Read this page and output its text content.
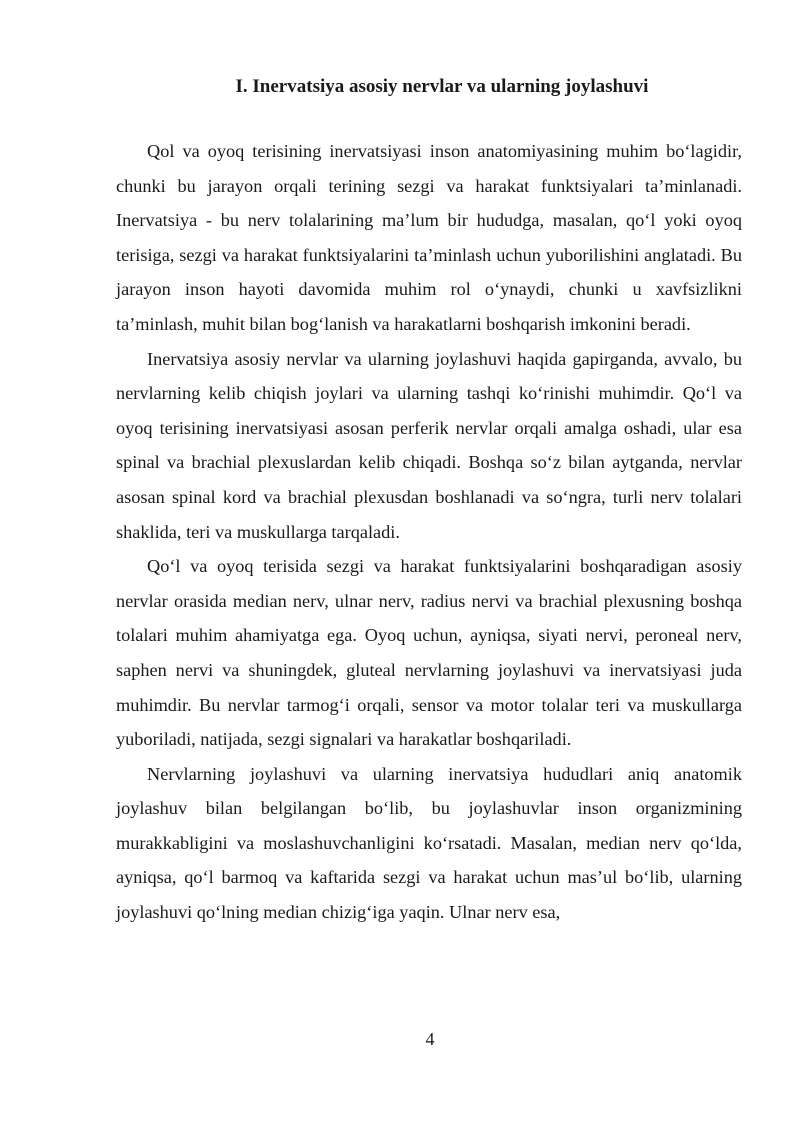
I. Inervatsiya asosiy nervlar va ularning joylashuvi

Qol va oyoq terisining inervatsiyasi inson anatomiyasining muhim bo‘lagidir, chunki bu jarayon orqali terining sezgi va harakat funktsiyalari ta’minlanadi. Inervatsiya - bu nerv tolalarining ma’lum bir hududga, masalan, qo‘l yoki oyoq terisiga, sezgi va harakat funktsiyalarini ta’minlash uchun yuborilishini anglatadi. Bu jarayon inson hayoti davomida muhim rol o‘ynaydi, chunki u xavfsizlikni ta’minlash, muhit bilan bog‘lanish va harakatlarni boshqarish imkonini beradi.

Inervatsiya asosiy nervlar va ularning joylashuvi haqida gapirganda, avvalo, bu nervlarning kelib chiqish joylari va ularning tashqi ko‘rinishi muhimdir. Qo‘l va oyoq terisining inervatsiyasi asosan perferik nervlar orqali amalga oshadi, ular esa spinal va brachial plexuslardan kelib chiqadi. Boshqa so‘z bilan aytganda, nervlar asosan spinal kord va brachial plexusdan boshlanadi va so‘ngra, turli nerv tolalari shaklida, teri va muskullarga tarqaladi.

Qo‘l va oyoq terisida sezgi va harakat funktsiyalarini boshqaradigan asosiy nervlar orasida median nerv, ulnar nerv, radius nervi va brachial plexusning boshqa tolalari muhim ahamiyatga ega. Oyoq uchun, ayniqsa, siyati nervi, peroneal nerv, saphen nervi va shuningdek, gluteal nervlarning joylashuvi va inervatsiyasi juda muhimdir. Bu nervlar tarmog‘i orqali, sensor va motor tolalar teri va muskullarga yuboriladi, natijada, sezgi signalari va harakatlar boshqariladi.

Nervlarning joylashuvi va ularning inervatsiya hududlari aniq anatomik joylashuv bilan belgilangan bo‘lib, bu joylashuvlar inson organizmining murakkabligini va moslashuvchanligini ko‘rsatadi. Masalan, median nerv qo‘lda, ayniqsa, qo‘l barmoq va kaftarida sezgi va harakat uchun mas’ul bo‘lib, ularning joylashuvi qo‘lning median chizig‘iga yaqin. Ulnar nerv esa,

4
